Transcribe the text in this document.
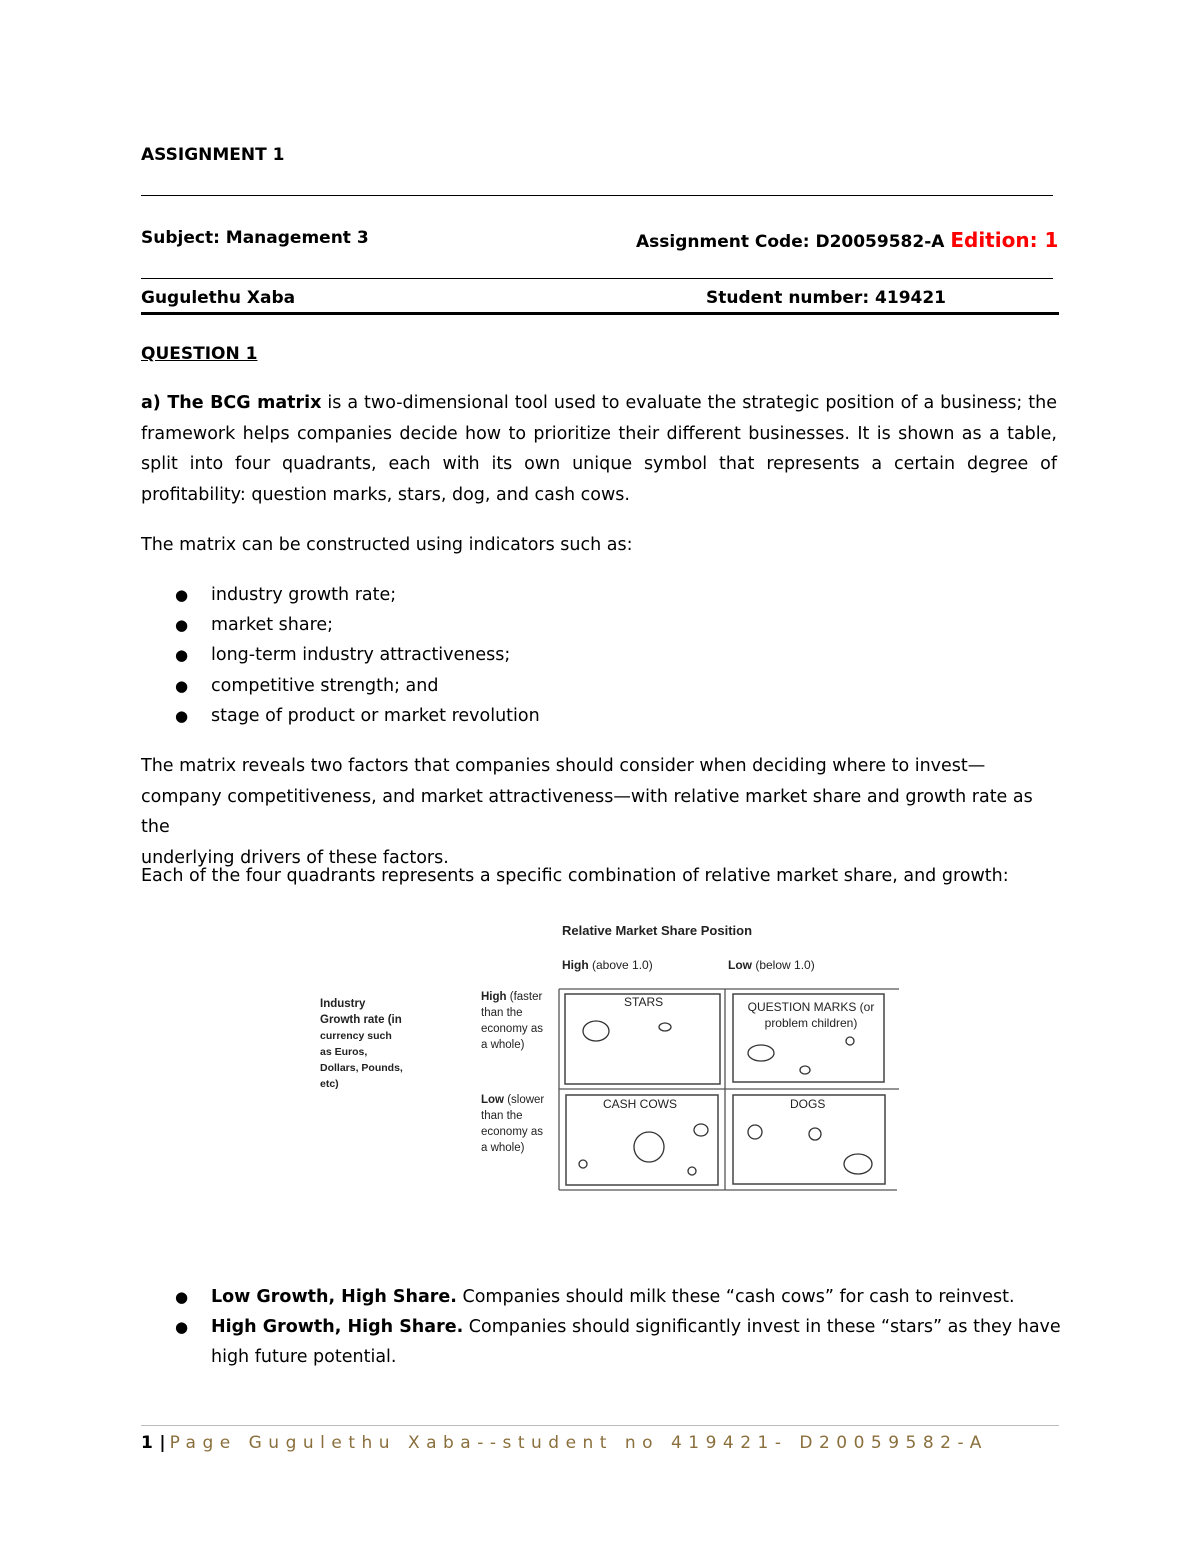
ASSIGNMENT 1
Subject: Management 3	Assignment Code: D20059582-A Edition: 1
Gugulethu Xaba	Student number: 419421
QUESTION 1
a) The BCG matrix is a two-dimensional tool used to evaluate the strategic position of a business; the
framework helps companies decide how to prioritize their different businesses. It is shown as a table,
split into four quadrants, each with its own unique symbol that represents a certain degree of
profitability: question marks, stars, dog, and cash cows.
The matrix can be constructed using indicators such as:
● industry growth rate;
● market share;
● long-term industry attractiveness;
● competitive strength; and
● stage of product or market revolution
The matrix reveals two factors that companies should consider when deciding where to invest—
company competitiveness, and market attractiveness—with relative market share and growth rate as the
underlying drivers of these factors.
Each of the four quadrants represents a specific combination of relative market share, and growth:
Relative Market Share Position
High (above 1.0)	Low (below 1.0)
Industry
Growth rate (in
currency such
as Euros,
Dollars, Pounds,
etc)
High (faster
than the
economy as
a whole)
Low (slower
than the
economy as
a whole)
STARS	QUESTION MARKS (or
problem children)
CASH COWS	DOGS
● Low Growth, High Share. Companies should milk these “cash cows” for cash to reinvest.
● High Growth, High Share. Companies should significantly invest in these “stars” as they have
high future potential.
1|Page Gugulethu Xaba--student no 419421- D20059582-A
